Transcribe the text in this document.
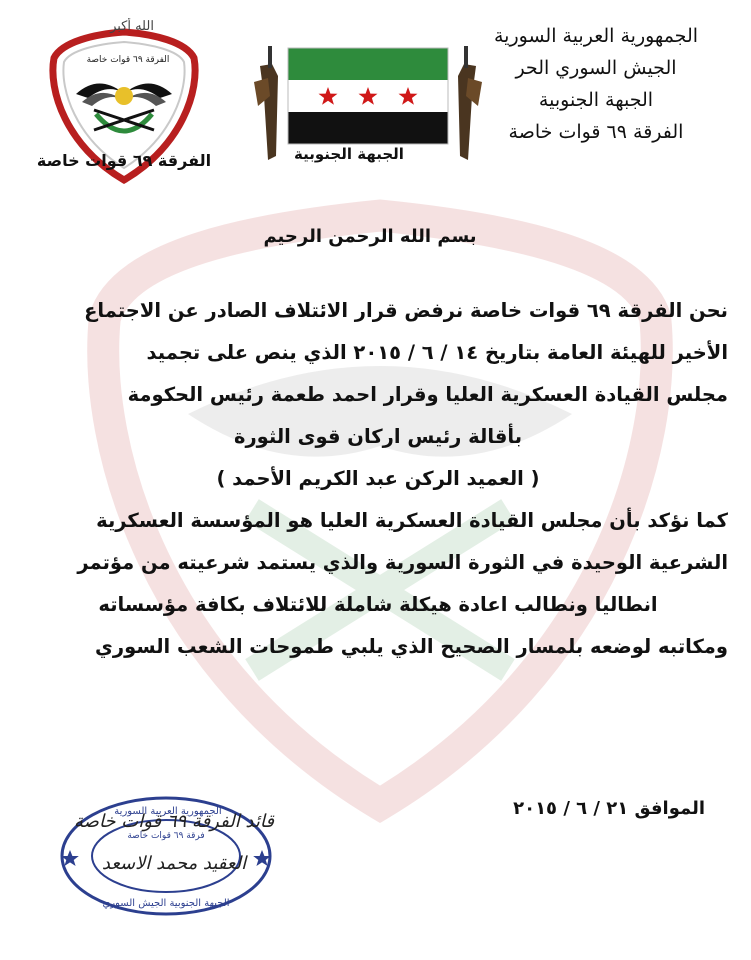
الله أكبر
الفرقة ٦٩ قوات خاصة
الفرقة ٦٩ قوات خاصة	الجبهة الجنوبية
الجمهورية العربية السورية
الجيش السوري الحر
الجبهة الجنوبية
الفرقة ٦٩ قوات خاصة
بسم الله الرحمن الرحيم
نحن الفرقة ٦٩ قوات خاصة نرفض قرار الائتلاف الصادر عن الاجتماع
الأخير للهيئة العامة بتاريخ ١٤ / ٦ / ٢٠١٥ الذي ينص على تجميد
مجلس القيادة العسكرية العليا وقرار احمد طعمة رئيس الحكومة
بأقالة رئيس اركان قوى الثورة
( العميد الركن عبد الكريم الأحمد )
كما نؤكد بأن مجلس القيادة العسكرية العليا هو المؤسسة العسكرية
الشرعية الوحيدة في الثورة السورية والذي يستمد شرعيته من مؤتمر
انطاليا ونطالب اعادة هيكلة شاملة للائتلاف بكافة مؤسساته
ومكاتبه لوضعه بلمسار الصحيح الذي يلبي طموحات الشعب السوري
الموافق ٢١ / ٦ / ٢٠١٥
الجمهورية العربية السورية
فرقة ٦٩ قوات خاصة
الجبهة الجنوبية الجيش السوري
قائد الفرقة ٦٩ قوات خاصة
العقيد محمد الاسعد
